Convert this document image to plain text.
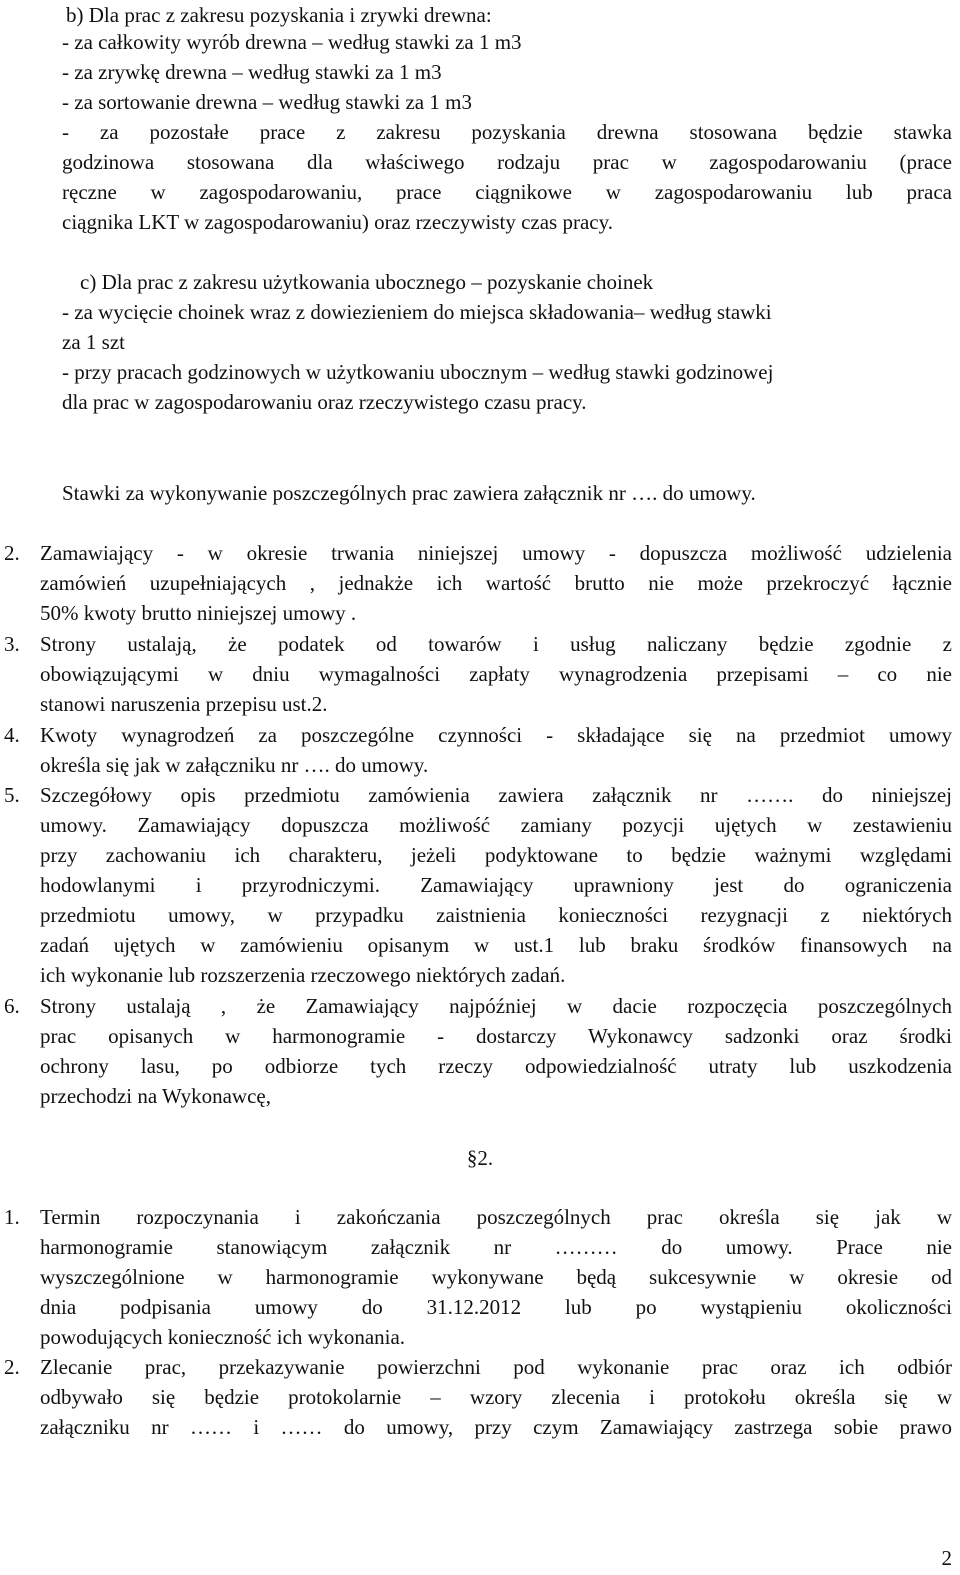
b) Dla prac z zakresu pozyskania i zrywki drewna:
- za całkowity wyrób drewna – według stawki za 1 m3
- za zrywkę drewna – według stawki za 1 m3
- za sortowanie drewna – według stawki za 1 m3
- za pozostałe prace z zakresu pozyskania drewna stosowana będzie stawka
godzinowa stosowana dla właściwego rodzaju prac w zagospodarowaniu (prace
ręczne w zagospodarowaniu, prace ciągnikowe w zagospodarowaniu lub praca
ciągnika LKT w zagospodarowaniu) oraz rzeczywisty czas pracy.
c) Dla prac z zakresu użytkowania ubocznego – pozyskanie choinek
- za wycięcie choinek wraz z dowiezieniem do miejsca składowania– według stawki
za 1 szt
- przy pracach godzinowych w użytkowaniu ubocznym – według stawki godzinowej
dla prac w zagospodarowaniu oraz rzeczywistego czasu pracy.
Stawki za wykonywanie poszczególnych prac zawiera załącznik nr …. do umowy.
2. Zamawiający - w okresie trwania niniejszej umowy - dopuszcza możliwość udzielenia
zamówień uzupełniających , jednakże ich wartość brutto nie może przekroczyć łącznie
50% kwoty brutto niniejszej umowy .
3. Strony ustalają, że podatek od towarów i usług naliczany będzie zgodnie z
obowiązującymi w dniu wymagalności zapłaty wynagrodzenia przepisami – co nie
stanowi naruszenia przepisu ust.2.
4. Kwoty wynagrodzeń za poszczególne czynności - składające się na przedmiot umowy
określa się jak w załączniku nr …. do umowy.
5. Szczegółowy opis przedmiotu zamówienia zawiera załącznik nr ……. do niniejszej
umowy. Zamawiający dopuszcza możliwość zamiany pozycji ujętych w zestawieniu
przy zachowaniu ich charakteru, jeżeli podyktowane to będzie ważnymi względami
hodowlanymi i przyrodniczymi. Zamawiający uprawniony jest do ograniczenia
przedmiotu umowy, w przypadku zaistnienia konieczności rezygnacji z niektórych
zadań ujętych w zamówieniu opisanym w ust.1 lub braku środków finansowych na
ich wykonanie lub rozszerzenia rzeczowego niektórych zadań.
6. Strony ustalają , że Zamawiający najpóźniej w dacie rozpoczęcia poszczególnych
prac opisanych w harmonogramie - dostarczy Wykonawcy sadzonki oraz środki
ochrony lasu, po odbiorze tych rzeczy odpowiedzialność utraty lub uszkodzenia
przechodzi na Wykonawcę,
§2.
1. Termin rozpoczynania i zakończania poszczególnych prac określa się jak w
harmonogramie stanowiącym załącznik nr ……… do umowy. Prace nie
wyszczególnione w harmonogramie wykonywane będą sukcesywnie w okresie od
dnia podpisania umowy do 31.12.2012 lub po wystąpieniu okoliczności
powodujących konieczność ich wykonania.
2. Zlecanie prac, przekazywanie powierzchni pod wykonanie prac oraz ich odbiór
odbywało się będzie protokolarnie – wzory zlecenia i protokołu określa się w
załączniku nr …… i …… do umowy, przy czym Zamawiający zastrzega sobie prawo
2
